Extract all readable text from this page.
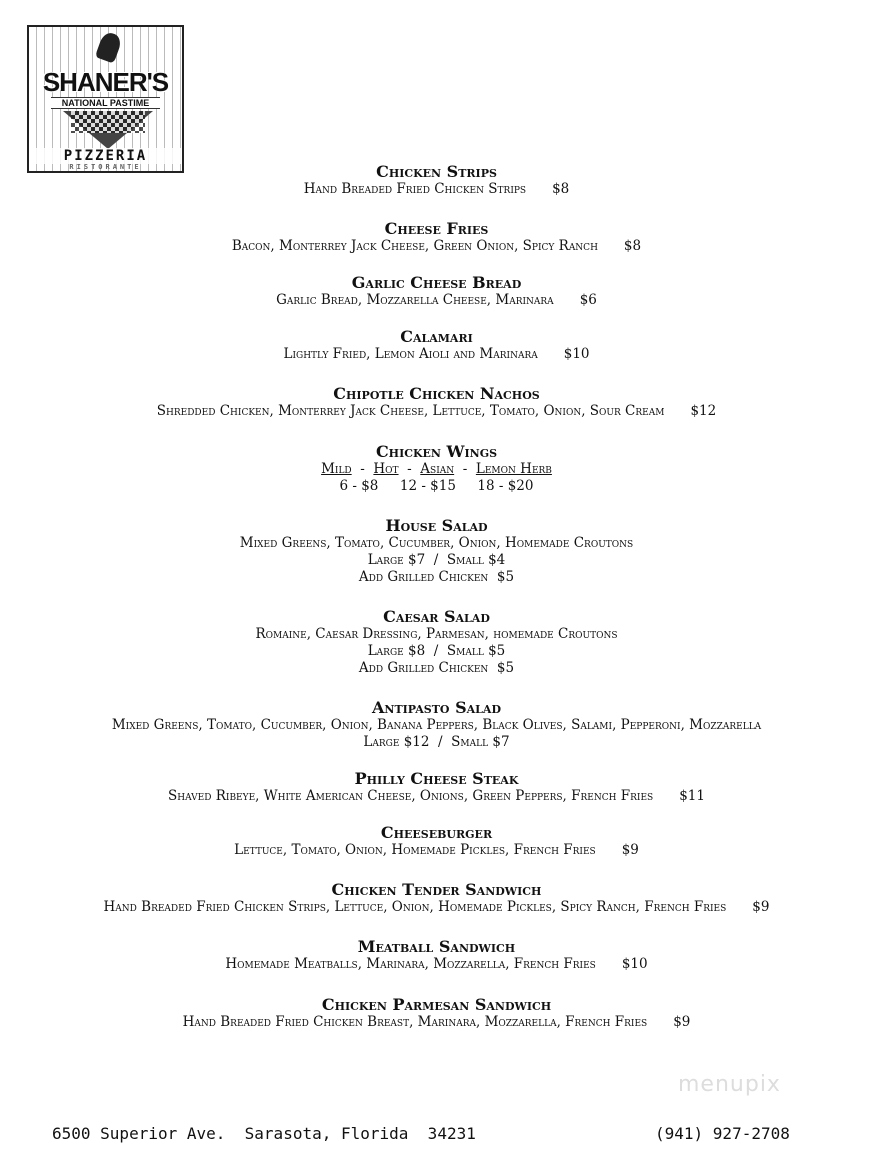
SHANER'S
NATIONAL PASTIME
PIZZERIA
RISTORANTE	Chicken Strips
Hand Breaded Fried Chicken Strips $8
Cheese Fries
Bacon, Monterrey Jack Cheese, Green Onion, Spicy Ranch $8
Garlic Cheese Bread
Garlic Bread, Mozzarella Cheese, Marinara $6
Calamari
Lightly Fried, Lemon Aioli and Marinara $10
Chipotle Chicken Nachos
Shredded Chicken, Monterrey Jack Cheese, Lettuce, Tomato, Onion, Sour Cream $12
Chicken Wings
Mild  -  Hot  -  Asian  -  Lemon Herb
6 - $8     12 - $15     18 - $20
House Salad
Mixed Greens, Tomato, Cucumber, Onion, Homemade Croutons
Large $7  /  Small $4
Add Grilled Chicken  $5
Caesar Salad
Romaine, Caesar Dressing, Parmesan, homemade Croutons
Large $8  /  Small $5
Add Grilled Chicken  $5
Antipasto Salad
Mixed Greens, Tomato, Cucumber, Onion, Banana Peppers, Black Olives, Salami, Pepperoni, Mozzarella
Large $12  /  Small $7
Philly Cheese Steak
Shaved Ribeye, White American Cheese, Onions, Green Peppers, French Fries $11
Cheeseburger
Lettuce, Tomato, Onion, Homemade Pickles, French Fries $9
Chicken Tender Sandwich
Hand Breaded Fried Chicken Strips, Lettuce, Onion, Homemade Pickles, Spicy Ranch, French Fries $9
Meatball Sandwich
Homemade Meatballs, Marinara, Mozzarella, French Fries $10
Chicken Parmesan Sandwich
Hand Breaded Fried Chicken Breast, Marinara, Mozzarella, French Fries $9
menupix
6500 Superior Ave.  Sarasota, Florida  34231	(941) 927-2708
